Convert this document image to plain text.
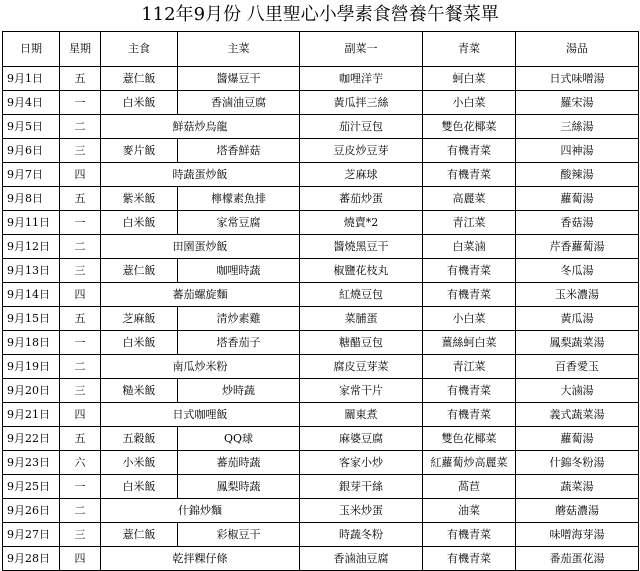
112年9月份 八里聖心小學素食營養午餐菜單
日期	星期	主食	主菜	副菜一	青菜	湯品
9月1日	五	薏仁飯	醬爆豆干	咖哩洋芋	蚵白菜	日式味噌湯
9月4日	一	白米飯	香滷油豆腐	黃瓜拌三絲	小白菜	羅宋湯
9月5日	二	鮮菇炒烏龍		茄汁豆包	雙色花椰菜	三絲湯
9月6日	三	麥片飯	塔香鮮菇	豆皮炒豆芽	有機青菜	四神湯
9月7日	四	時蔬蛋炒飯		芝麻球	有機青菜	酸辣湯
9月8日	五	紫米飯	檸檬素魚排	蕃茄炒蛋	高麗菜	蘿蔔湯
9月11日	一	白米飯	家常豆腐	燒賣*2	青江菜	香菇湯
9月12日	二	田園蛋炒飯		醬燒黑豆干	白菜滷	芹香蘿蔔湯
9月13日	三	薏仁飯	咖哩時蔬	椒鹽花枝丸	有機青菜	冬瓜湯
9月14日	四	蕃茄螺旋麵		紅燒豆包	有機青菜	玉米濃湯
9月15日	五	芝麻飯	清炒素雞	菜脯蛋	小白菜	黃瓜湯
9月18日	一	白米飯	塔香茄子	糖醋豆包	薑絲蚵白菜	鳳梨蔬菜湯
9月19日	二	南瓜炒米粉		腐皮豆芽菜	青江菜	百香愛玉
9月20日	三	糙米飯	炒時蔬	家常干片	有機青菜	大滷湯
9月21日	四	日式咖哩飯		關東煮	有機青菜	義式蔬菜湯
9月22日	五	五穀飯	QQ球	麻婆豆腐	雙色花椰菜	蘿蔔湯
9月23日	六	小米飯	蕃茄時蔬	客家小炒	紅蘿蔔炒高麗菜	什錦冬粉湯
9月25日	一	白米飯	鳳梨時蔬	銀芽干絲	萵苣	蔬菜湯
9月26日	二	什錦炒麵		玉米炒蛋	油菜	蘑菇濃湯
9月27日	三	薏仁飯	彩椒豆干	時蔬冬粉	有機青菜	味噌海芽湯
9月28日	四	乾拌粿仔條		香滷油豆腐	有機青菜	番茄蛋花湯
